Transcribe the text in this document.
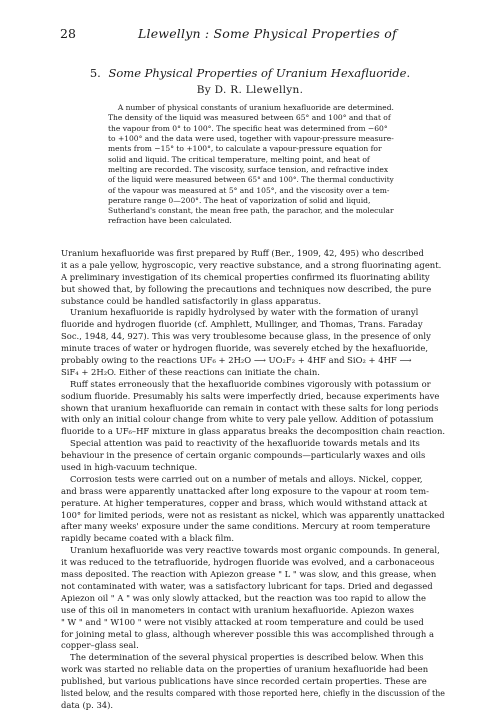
28	Llewellyn : Some Physical Properties of
5. Some Physical Properties of Uranium Hexafluoride.
By D. R. Llewellyn.
A number of physical constants of uranium hexafluoride are determined.
The density of the liquid was measured between 65° and 100° and that of
the vapour from 0° to 100°. The specific heat was determined from −60°
to +100° and the data were used, together with vapour-pressure measure-
ments from −15° to +100°, to calculate a vapour-pressure equation for
solid and liquid. The critical temperature, melting point, and heat of
melting are recorded. The viscosity, surface tension, and refractive index
of the liquid were measured between 65° and 100°. The thermal conductivity
of the vapour was measured at 5° and 105°, and the viscosity over a tem-
perature range 0—200°. The heat of vaporization of solid and liquid,
Sutherland's constant, the mean free path, the parachor, and the molecular
refraction have been calculated.
Uranium hexafluoride was first prepared by Ruff (Ber., 1909, 42, 495) who described
it as a pale yellow, hygroscopic, very reactive substance, and a strong fluorinating agent.
A preliminary investigation of its chemical properties confirmed its fluorinating ability
but showed that, by following the precautions and techniques now described, the pure
substance could be handled satisfactorily in glass apparatus.
Uranium hexafluoride is rapidly hydrolysed by water with the formation of uranyl
fluoride and hydrogen fluoride (cf. Amphlett, Mullinger, and Thomas, Trans. Faraday
Soc., 1948, 44, 927). This was very troublesome because glass, in the presence of only
minute traces of water or hydrogen fluoride, was severely etched by the hexafluoride,
probably owing to the reactions UF₆ + 2H₂O ⟶ UO₂F₂ + 4HF and SiO₂ + 4HF ⟶
SiF₄ + 2H₂O. Either of these reactions can initiate the chain.
Ruff states erroneously that the hexafluoride combines vigorously with potassium or
sodium fluoride. Presumably his salts were imperfectly dried, because experiments have
shown that uranium hexafluoride can remain in contact with these salts for long periods
with only an initial colour change from white to very pale yellow. Addition of potassium
fluoride to a UF₆–HF mixture in glass apparatus breaks the decomposition chain reaction.
Special attention was paid to reactivity of the hexafluoride towards metals and its
behaviour in the presence of certain organic compounds—particularly waxes and oils
used in high-vacuum technique.
Corrosion tests were carried out on a number of metals and alloys. Nickel, copper,
and brass were apparently unattacked after long exposure to the vapour at room tem-
perature. At higher temperatures, copper and brass, which would withstand attack at
100° for limited periods, were not as resistant as nickel, which was apparently unattacked
after many weeks' exposure under the same conditions. Mercury at room temperature
rapidly became coated with a black film.
Uranium hexafluoride was very reactive towards most organic compounds. In general,
it was reduced to the tetrafluoride, hydrogen fluoride was evolved, and a carbonaceous
mass deposited. The reaction with Apiezon grease " L " was slow, and this grease, when
not contaminated with water, was a satisfactory lubricant for taps. Dried and degassed
Apiezon oil " A " was only slowly attacked, but the reaction was too rapid to allow the
use of this oil in manometers in contact with uranium hexafluoride. Apiezon waxes
" W " and " W100 " were not visibly attacked at room temperature and could be used
for joining metal to glass, although wherever possible this was accomplished through a
copper–glass seal.
The determination of the several physical properties is described below. When this
work was started no reliable data on the properties of uranium hexafluoride had been
published, but various publications have since recorded certain properties. These are
listed below, and the results compared with those reported here, chiefly in the discussion of the
data (p. 34).
